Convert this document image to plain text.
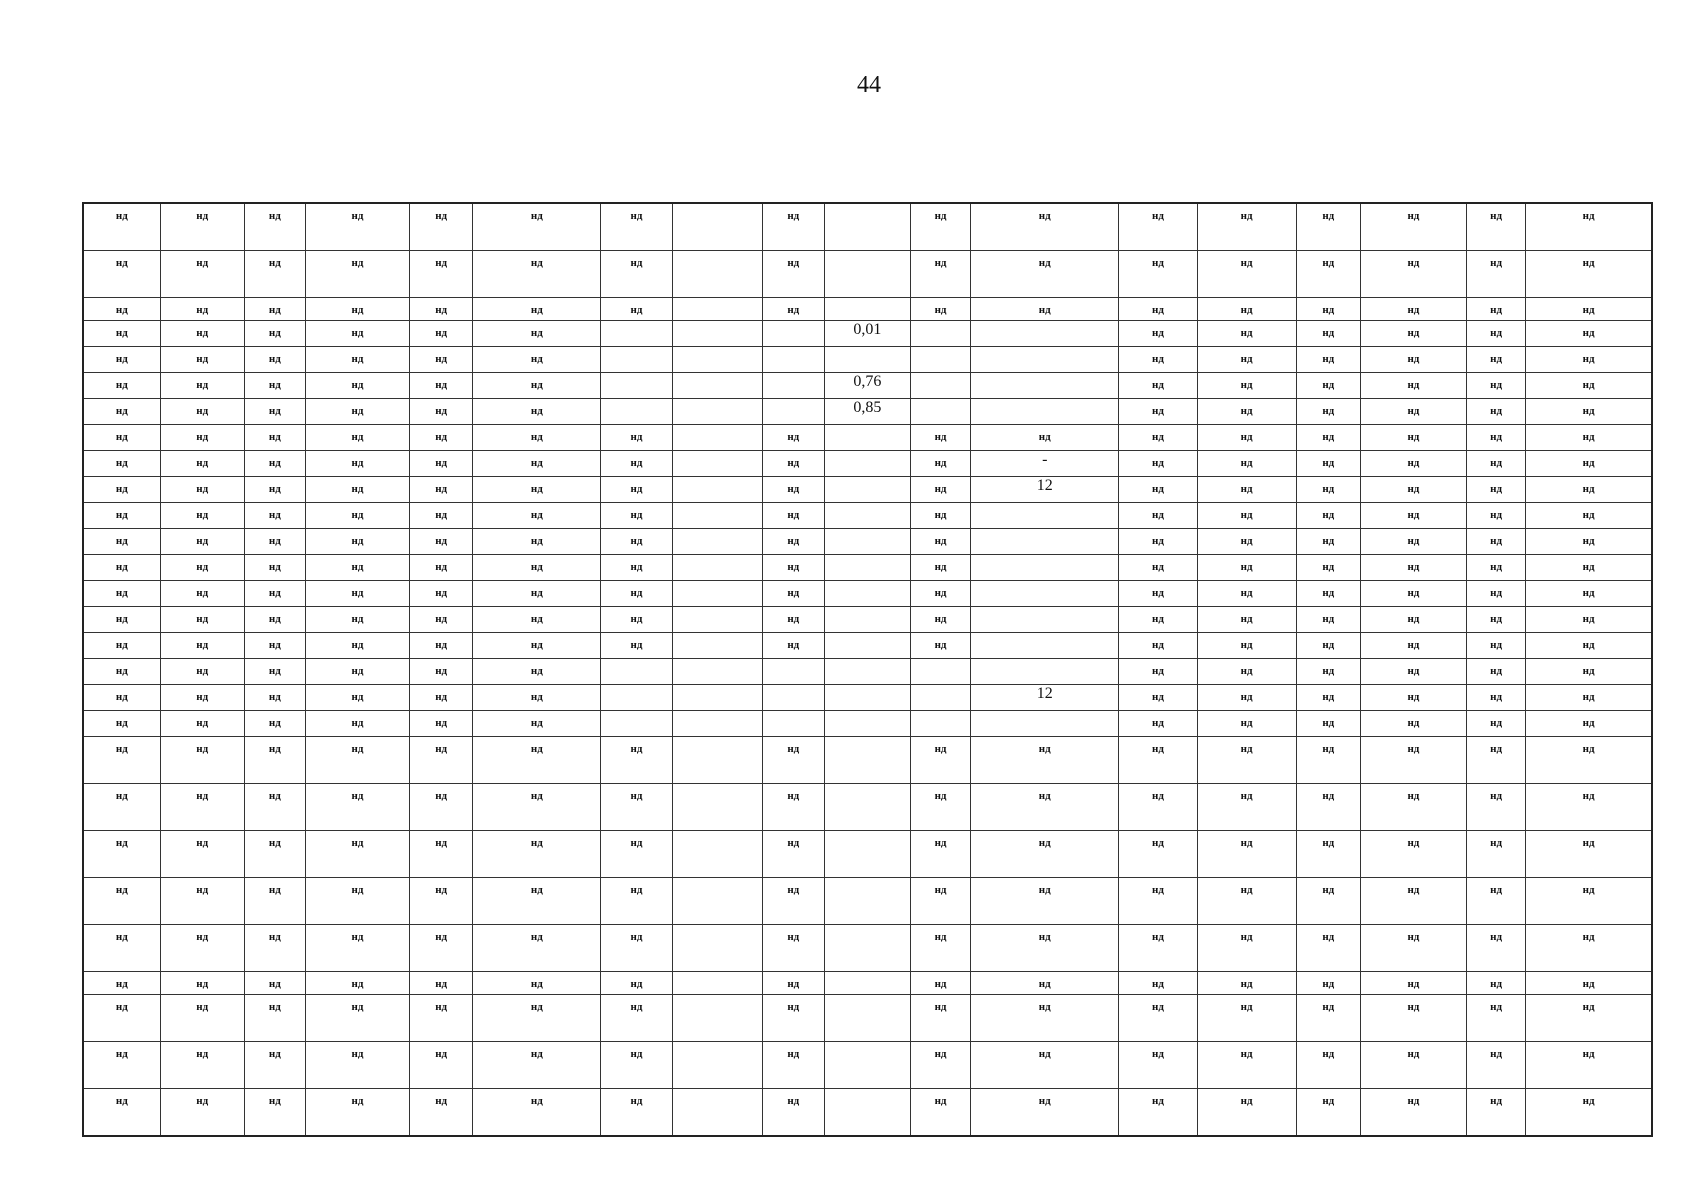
44
нд	нд	нд	нд	нд	нд	нд		нд		нд	нд	нд	нд	нд	нд	нд	нд
нд	нд	нд	нд	нд	нд	нд		нд		нд	нд	нд	нд	нд	нд	нд	нд
нд	нд	нд	нд	нд	нд	нд		нд		нд	нд	нд	нд	нд	нд	нд	нд
нд	нд	нд	нд	нд	нд				0,01			нд	нд	нд	нд	нд	нд
нд	нд	нд	нд	нд	нд							нд	нд	нд	нд	нд	нд
нд	нд	нд	нд	нд	нд				0,76			нд	нд	нд	нд	нд	нд
нд	нд	нд	нд	нд	нд				0,85			нд	нд	нд	нд	нд	нд
нд	нд	нд	нд	нд	нд	нд		нд		нд	нд	нд	нд	нд	нд	нд	нд
нд	нд	нд	нд	нд	нд	нд		нд		нд	-	нд	нд	нд	нд	нд	нд
нд	нд	нд	нд	нд	нд	нд		нд		нд	12	нд	нд	нд	нд	нд	нд
нд	нд	нд	нд	нд	нд	нд		нд		нд		нд	нд	нд	нд	нд	нд
нд	нд	нд	нд	нд	нд	нд		нд		нд		нд	нд	нд	нд	нд	нд
нд	нд	нд	нд	нд	нд	нд		нд		нд		нд	нд	нд	нд	нд	нд
нд	нд	нд	нд	нд	нд	нд		нд		нд		нд	нд	нд	нд	нд	нд
нд	нд	нд	нд	нд	нд	нд		нд		нд		нд	нд	нд	нд	нд	нд
нд	нд	нд	нд	нд	нд	нд		нд		нд		нд	нд	нд	нд	нд	нд
нд	нд	нд	нд	нд	нд							нд	нд	нд	нд	нд	нд
нд	нд	нд	нд	нд	нд						12	нд	нд	нд	нд	нд	нд
нд	нд	нд	нд	нд	нд							нд	нд	нд	нд	нд	нд
нд	нд	нд	нд	нд	нд	нд		нд		нд	нд	нд	нд	нд	нд	нд	нд
нд	нд	нд	нд	нд	нд	нд		нд		нд	нд	нд	нд	нд	нд	нд	нд
нд	нд	нд	нд	нд	нд	нд		нд		нд	нд	нд	нд	нд	нд	нд	нд
нд	нд	нд	нд	нд	нд	нд		нд		нд	нд	нд	нд	нд	нд	нд	нд
нд	нд	нд	нд	нд	нд	нд		нд		нд	нд	нд	нд	нд	нд	нд	нд
нд	нд	нд	нд	нд	нд	нд		нд		нд	нд	нд	нд	нд	нд	нд	нд
нд	нд	нд	нд	нд	нд	нд		нд		нд	нд	нд	нд	нд	нд	нд	нд
нд	нд	нд	нд	нд	нд	нд		нд		нд	нд	нд	нд	нд	нд	нд	нд
нд	нд	нд	нд	нд	нд	нд		нд		нд	нд	нд	нд	нд	нд	нд	нд
